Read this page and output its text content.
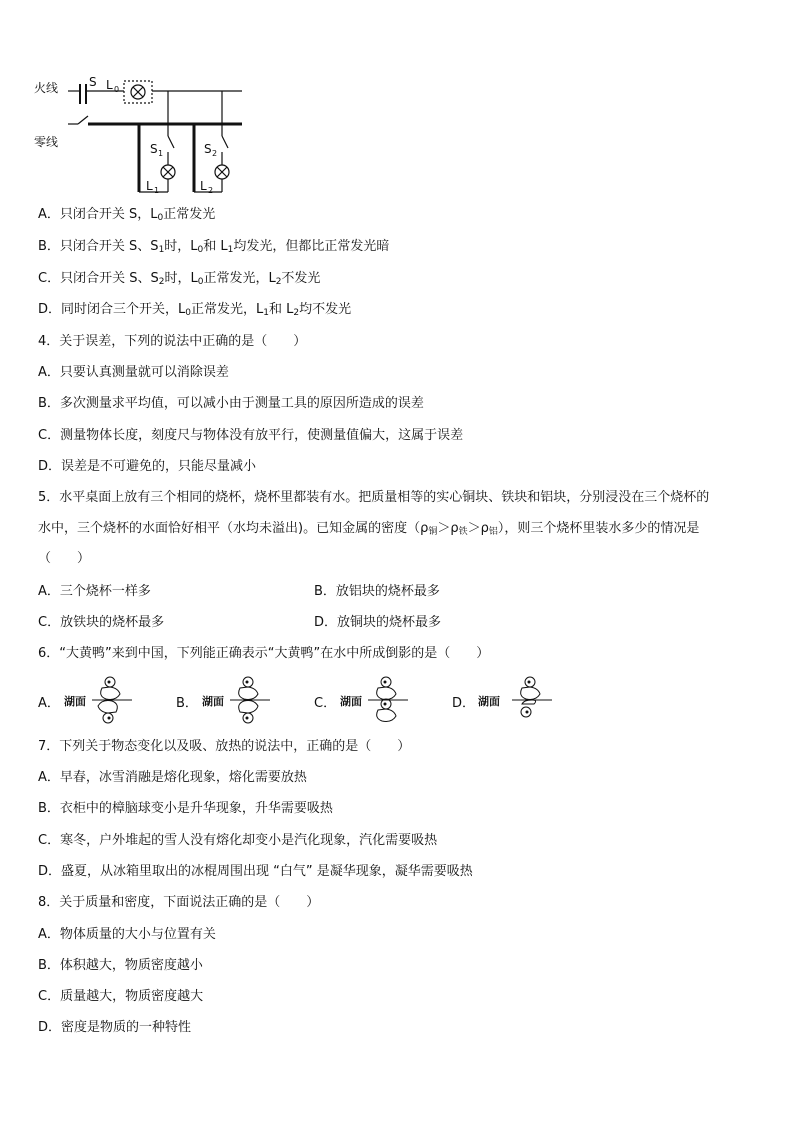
火线
零线
S L 0
S 1	S 2
L 1	L 2
A．只闭合开关 S，$L_0$正常发光
B．只闭合开关 S、$S_1$时，$L_0$和 $L_1$均发光，但都比正常发光暗
C．只闭合开关 S、$S_2$时，$L_0$正常发光，$L_2$不发光
D．同时闭合三个开关，$L_0$正常发光，$L_1$和 $L_2$均不发光
4．关于误差，下列的说法中正确的是（　　）
A．只要认真测量就可以消除误差
B．多次测量求平均值，可以减小由于测量工具的原因所造成的误差
C．测量物体长度，刻度尺与物体没有放平行，使测量值偏大，这属于误差
D．误差是不可避免的，只能尽量减小
5．水平桌面上放有三个相同的烧杯，烧杯里都装有水。把质量相等的实心铜块、铁块和铝块，分别浸没在三个烧杯的
水中，三个烧杯的水面恰好相平（水均未溢出)。已知金属的密度$(\rho_铜>\rho_铁>\rho_铝)$，则三个烧杯里装水多少的情况是
（　　）
A．三个烧杯一样多	B．放铝块的烧杯最多
C．放铁块的烧杯最多	D．放铜块的烧杯最多
6．“大黄鸭”来到中国，下列能正确表示“大黄鸭”在水中所成倒影的是（　　）
A． 湖面	B． 湖面	C． 湖面	D． 湖面
7．下列关于物态变化以及吸、放热的说法中，正确的是（　　）
A．早春，冰雪消融是熔化现象，熔化需要放热
B．衣柜中的樟脑球变小是升华现象，升华需要吸热
C．寒冬，户外堆起的雪人没有熔化却变小是汽化现象，汽化需要吸热
D．盛夏，从冰箱里取出的冰棍周围出现 “白气” 是凝华现象，凝华需要吸热
8．关于质量和密度，下面说法正确的是（　　）
A．物体质量的大小与位置有关
B．体积越大，物质密度越小
C．质量越大，物质密度越大
D．密度是物质的一种特性
